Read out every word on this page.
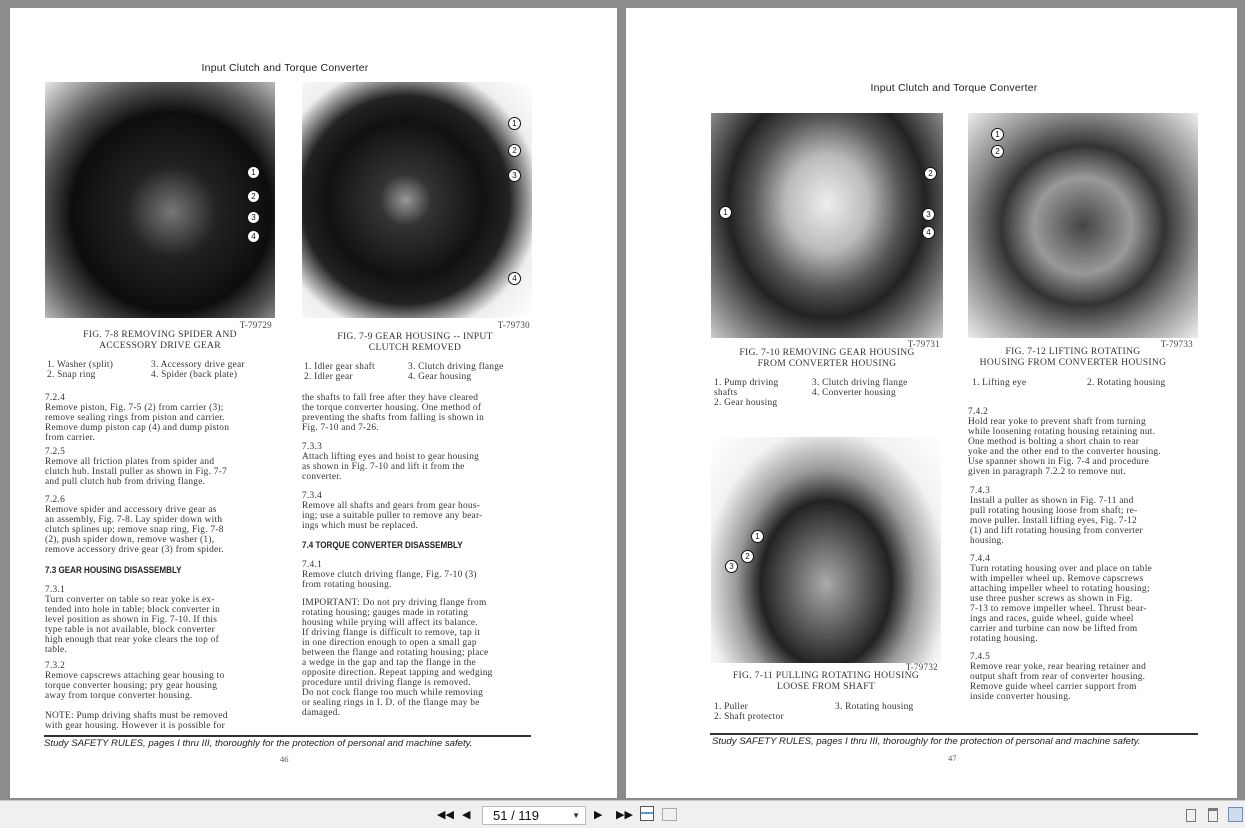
Input Clutch and Torque Converter
1
2
3
4
1
2
3
4
T-79729
FIG. 7-8 REMOVING SPIDER AND
ACCESSORY DRIVE GEAR
1. Washer (split)
2. Snap ring
3. Accessory drive gear
4. Spider (back plate)
T-79730
FIG. 7-9 GEAR HOUSING -- INPUT
CLUTCH REMOVED
1. Idler gear shaft
2. Idler gear
3. Clutch driving flange
4. Gear housing
7.2.4
Remove piston, Fig. 7-5 (2) from carrier (3);
remove sealing rings from piston and carrier.
Remove dump piston cap (4) and dump piston
from carrier.
7.2.5
Remove all friction plates from spider and
clutch hub. Install puller as shown in Fig. 7-7
and pull clutch hub from driving flange.
7.2.6
Remove spider and accessory drive gear as
an assembly, Fig. 7-8. Lay spider down with
clutch splines up; remove snap ring, Fig. 7-8
(2), push spider down, remove washer (1),
remove accessory drive gear (3) from spider.
7.3 GEAR HOUSING DISASSEMBLY
7.3.1
Turn converter on table so rear yoke is ex-
tended into hole in table; block converter in
level position as shown in Fig. 7-10. If this
type table is not available, block converter
high enough that rear yoke clears the top of
table.
7.3.2
Remove capscrews attaching gear housing to
torque converter housing; pry gear housing
away from torque converter housing.
NOTE: Pump driving shafts must be removed
with gear housing. However it is possible for
the shafts to fall free after they have cleared
the torque converter housing. One method of
preventing the shafts from falling is shown in
Fig. 7-10 and 7-26.
7.3.3
Attach lifting eyes and hoist to gear housing
as shown in Fig. 7-10 and lift it from the
converter.
7.3.4
Remove all shafts and gears from gear hous-
ing; use a suitable puller to remove any bear-
ings which must be replaced.
7.4 TORQUE CONVERTER DISASSEMBLY
7.4.1
Remove clutch driving flange, Fig. 7-10 (3)
from rotating housing.
IMPORTANT: Do not pry driving flange from
rotating housing; gauges made in rotating
housing while prying will affect its balance.
If driving flange is difficult to remove, tap it
in one direction enough to open a small gap
between the flange and rotating housing; place
a wedge in the gap and tap the flange in the
opposite direction. Repeat tapping and wedging
procedure until driving flange is removed.
Do not cock flange too much while removing
or sealing rings in I. D. of the flange may be
damaged.
Study SAFETY RULES, pages I thru III, thoroughly for the protection of personal and machine safety.
46
Input Clutch and Torque Converter
1
2
3
4
1
2
T-79731
FIG. 7-10 REMOVING GEAR HOUSING
FROM CONVERTER HOUSING
1. Pump driving
shafts
2. Gear housing
3. Clutch driving flange
4. Converter housing
T-79733
FIG. 7-12 LIFTING ROTATING
HOUSING FROM CONVERTER HOUSING
1. Lifting eye	2. Rotating housing
1
2
3
T-79732
FIG. 7-11 PULLING ROTATING HOUSING
LOOSE FROM SHAFT
1. Puller
2. Shaft protector
3. Rotating housing
7.4.2
Hold rear yoke to prevent shaft from turning
while loosening rotating housing retaining nut.
One method is bolting a short chain to rear
yoke and the other end to the converter housing.
Use spanner shown in Fig. 7-4 and procedure
given in paragraph 7.2.2 to remove nut.
7.4.3
Install a puller as shown in Fig. 7-11 and
pull rotating housing loose from shaft; re-
move puller. Install lifting eyes, Fig. 7-12
(1) and lift rotating housing from converter
housing.
7.4.4
Turn rotating housing over and place on table
with impeller wheel up. Remove capscrews
attaching impeller wheel to rotating housing;
use three pusher screws as shown in Fig.
7-13 to remove impeller wheel. Thrust bear-
ings and races, guide wheel, guide wheel
carrier and turbine can now be lifted from
rotating housing.
7.4.5
Remove rear yoke, rear bearing retainer and
output shaft from rear of converter housing.
Remove guide wheel carrier support from
inside converter housing.
Study SAFETY RULES, pages I thru III, thoroughly for the protection of personal and machine safety.
47
◀◀ ◀	51 / 119	▼ ▶ ▶▶
